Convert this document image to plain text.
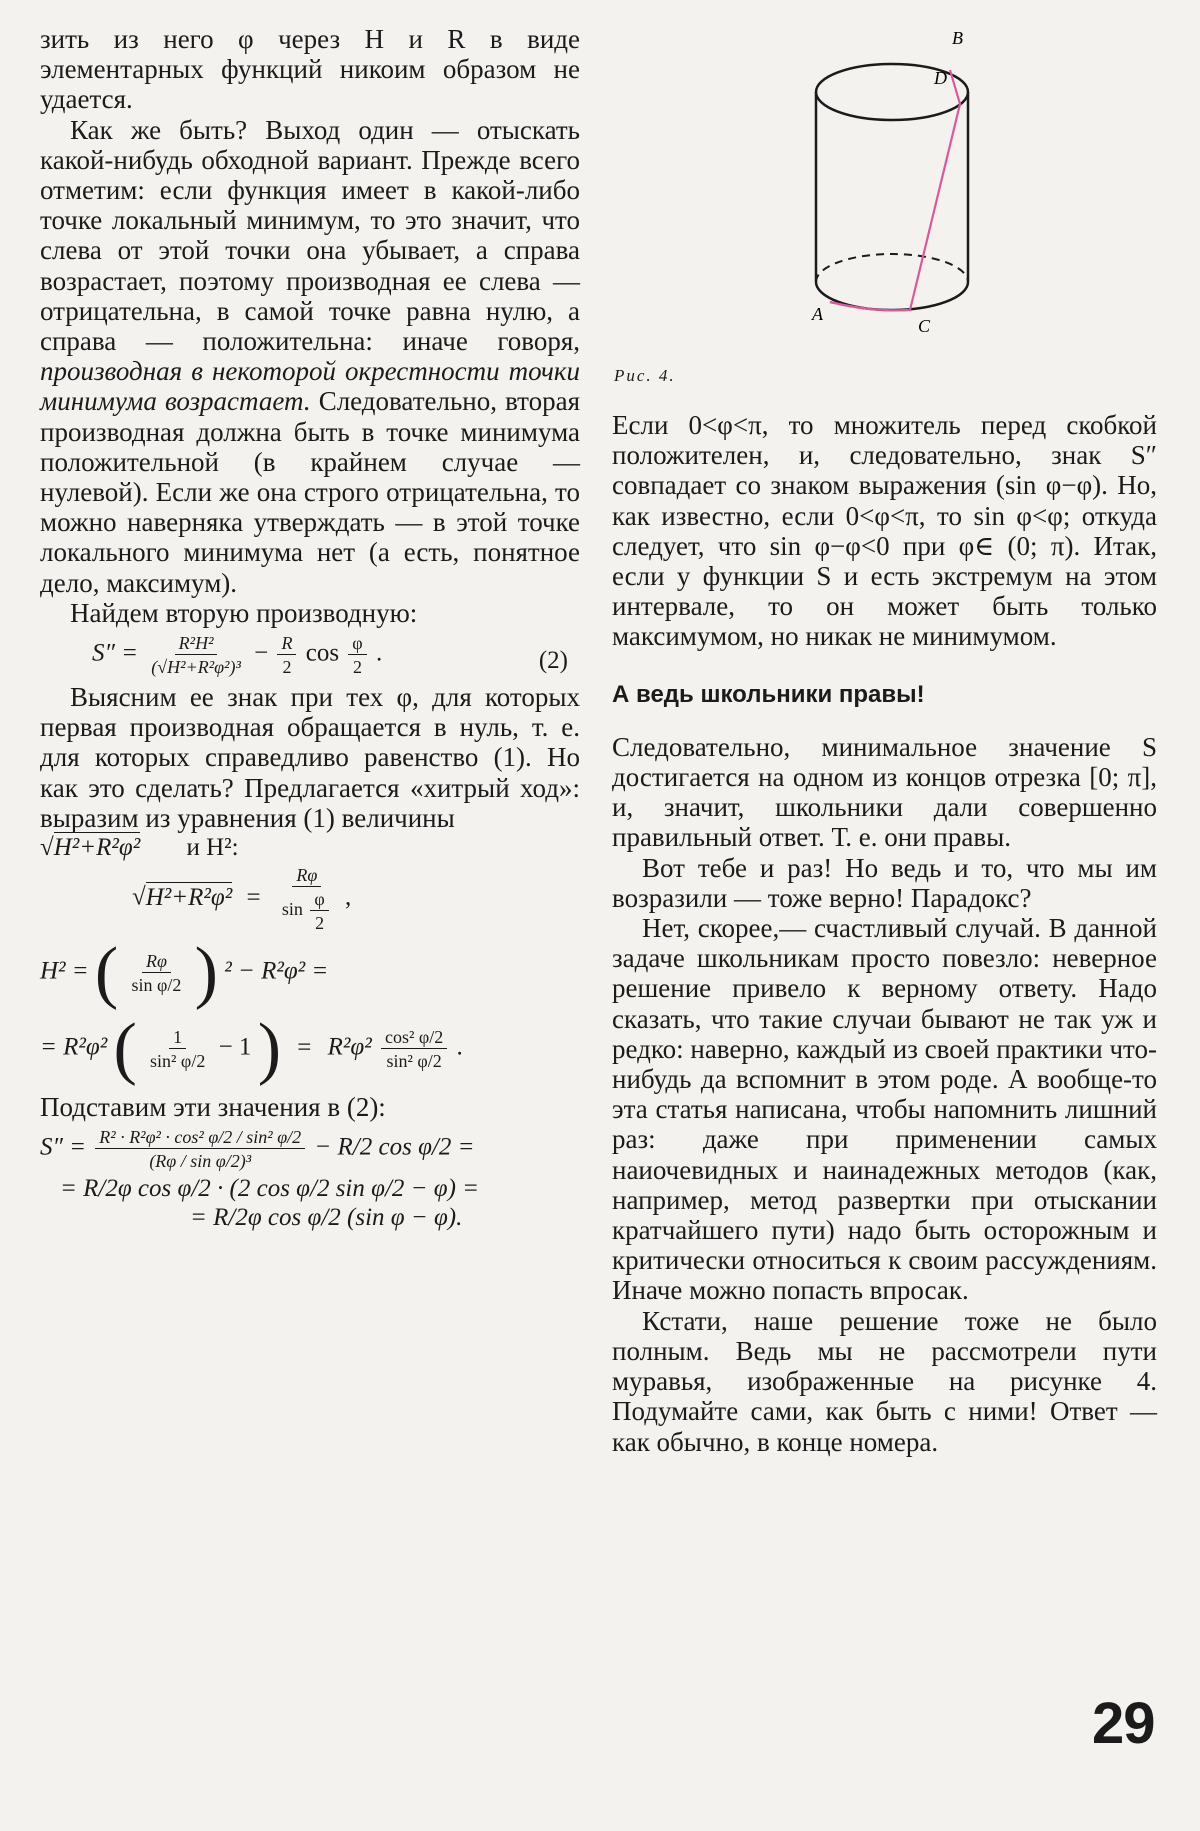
зить из него φ через H и R в виде элементарных функций никоим образом не удается.

Как же быть? Выход один — отыскать какой-нибудь обходной вариант. Прежде всего отметим: если функция имеет в какой-либо точке локальный минимум, то это значит, что слева от этой точки она убывает, а справа возрастает, поэтому производная ее слева — отрицательна, в самой точке равна нулю, а справа — положительна: иначе говоря, производная в некоторой окрестности точки минимума возрастает. Следовательно, вторая производная должна быть в точке минимума положительной (в крайнем случае — нулевой). Если же она строго отрицательна, то можно наверняка утверждать — в этой точке локального минимума нет (а есть, понятное дело, максимум).

Найдем вторую производную:

$S'' = \frac{\text{R²H²}}{\text{(√H²+R²φ²)³}} - \frac{R}{2}$ $\cos \frac{\varphi}{2}$ .	(2)

Выясним ее знак при тех φ, для которых первая производная обращается в нуль, т. е. для которых справедливо равенство (1). Но как это сделать? Предлагается «хитрый ход»: выразим из уравнения (1) величины

√H²+R²φ² и H²:
$√H^2+R^2\varphi^2 = \frac{R\varphi}{\sin \frac{\varphi}{2}}$ ,
H² = ( $\frac{R\varphi}{\text{sin φ/2}}$ ) ² − R²φ² =
= R²φ² ( $\frac{1}{\text{sin² φ/2}} - 1$ ) = $R^2\varphi^2 \frac{\text{cos² φ/2}}{\text{sin² φ/2}}$ .

Подставим эти значения в (2):

$S'' = \frac{\text{R² · R²φ² · cos² φ/2 / sin² φ/2}}{\text{(Rφ / sin φ/2)³}} - R/2$ cos φ/2 =
= R/2φ cos φ/2 · (2 cos φ/2 sin φ/2 − φ) =
= R/2φ cos φ/2 (sin φ − φ).
B
D
A
C
Рис. 4.

Если 0<φ<π, то множитель перед скобкой положителен, и, следовательно, знак S″ совпадает со знаком выражения (sin φ−φ). Но, как известно, если 0<φ<π, то sin φ<φ; откуда следует, что sin φ−φ<0 при φ∈ (0; π). Итак, если у функции S и есть экстремум на этом интервале, то он может быть только максимумом, но никак не минимумом.

А ведь школьники правы!

Следовательно, минимальное значение S достигается на одном из концов отрезка [0; π], и, значит, школьники дали совершенно правильный ответ. Т. е. они правы.

Вот тебе и раз! Но ведь и то, что мы им возразили — тоже верно! Парадокс?

Нет, скорее,— счастливый случай. В данной задаче школьникам просто повезло: неверное решение привело к верному ответу. Надо сказать, что такие случаи бывают не так уж и редко: наверно, каждый из своей практики что-нибудь да вспомнит в этом роде. А вообще-то эта статья написана, чтобы напомнить лишний раз: даже при применении самых наиочевидных и наинадежных методов (как, например, метод развертки при отыскании кратчайшего пути) надо быть осторожным и критически относиться к своим рассуждениям. Иначе можно попасть впросак.

Кстати, наше решение тоже не было полным. Ведь мы не рассмотрели пути муравья, изображенные на рисунке 4. Подумайте сами, как быть с ними! Ответ — как обычно, в конце номера.

29
